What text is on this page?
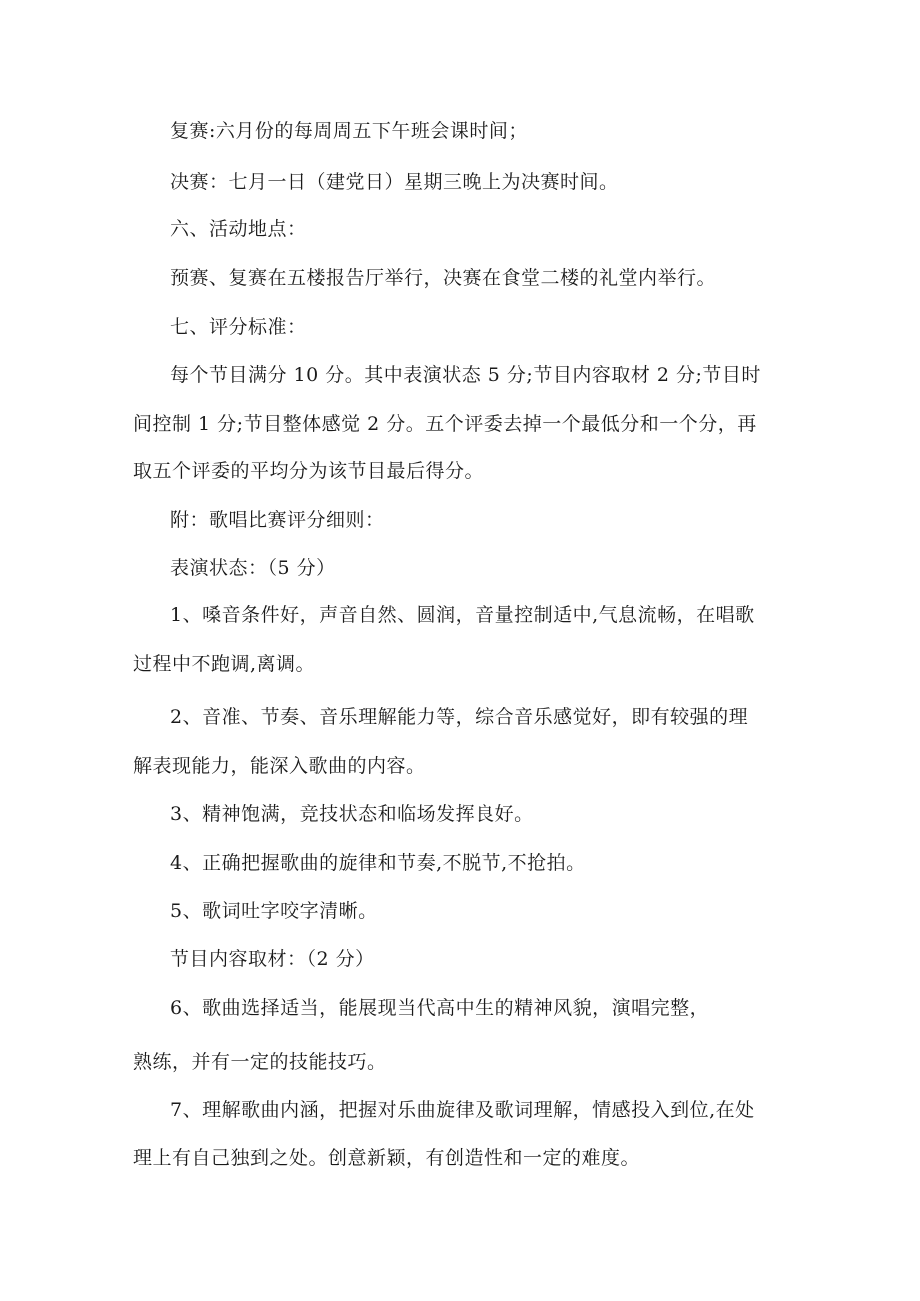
复赛:六月份的每周周五下午班会课时间；
决赛：七月一日（建党日）星期三晚上为决赛时间。
六、活动地点：
预赛、复赛在五楼报告厅举行，决赛在食堂二楼的礼堂内举行。
七、评分标准：
每个节目满分 10 分。其中表演状态 5 分;节目内容取材 2 分;节目时
间控制 1 分;节目整体感觉 2 分。五个评委去掉一个最低分和一个分，再
取五个评委的平均分为该节目最后得分。
附：歌唱比赛评分细则：
表演状态：（5 分）
1、嗓音条件好，声音自然、圆润，音量控制适中,气息流畅，在唱歌
过程中不跑调,离调。
2、音准、节奏、音乐理解能力等，综合音乐感觉好，即有较强的理
解表现能力，能深入歌曲的内容。
3、精神饱满，竞技状态和临场发挥良好。
4、正确把握歌曲的旋律和节奏,不脱节,不抢拍。
5、歌词吐字咬字清晰。
节目内容取材：（2 分）
6、歌曲选择适当，能展现当代高中生的精神风貌，演唱完整，
熟练，并有一定的技能技巧。
7、理解歌曲内涵，把握对乐曲旋律及歌词理解，情感投入到位,在处
理上有自己独到之处。创意新颖，有创造性和一定的难度。
